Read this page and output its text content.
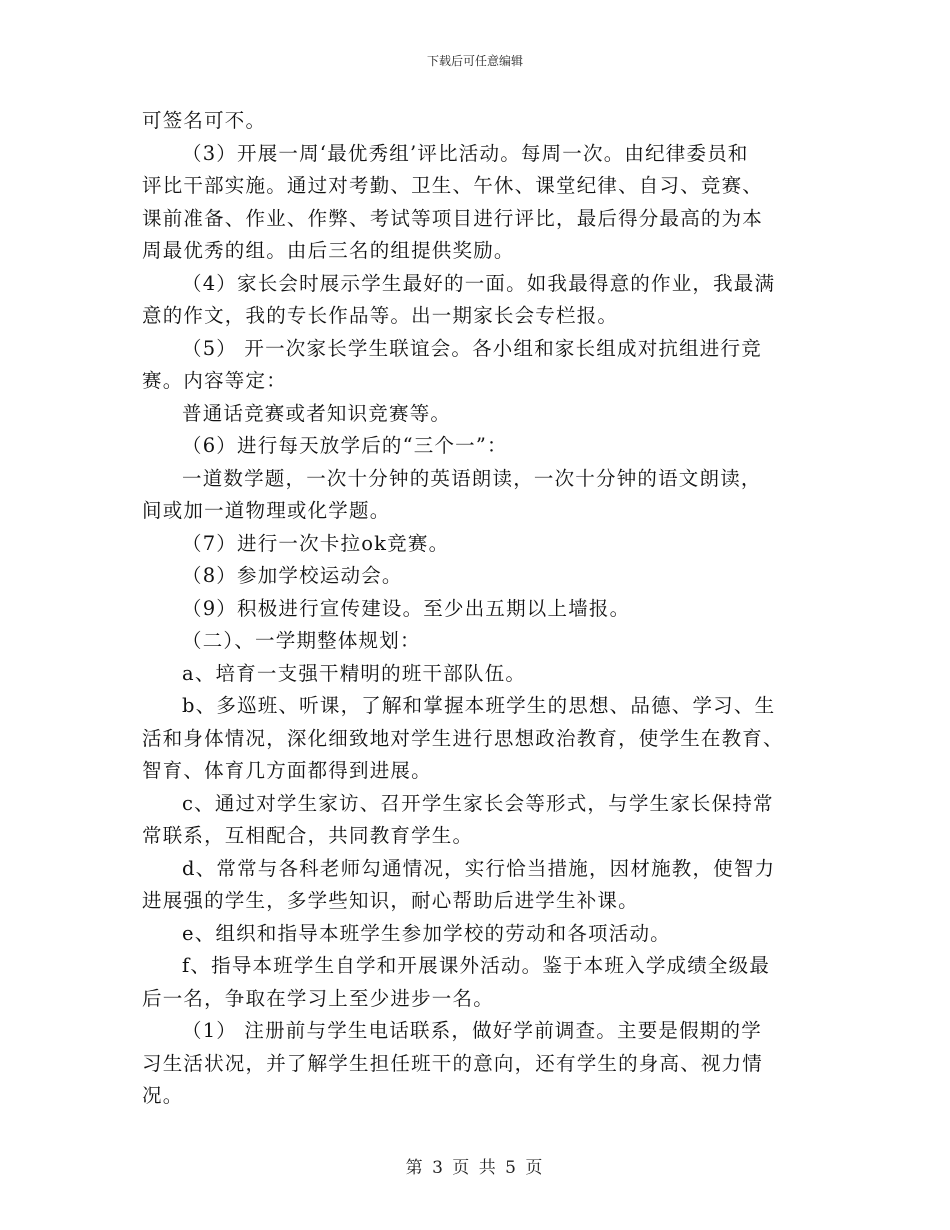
下载后可任意编辑
可签名可不。
（3）开展一周‘最优秀组’评比活动。每周一次。由纪律委员和
评比干部实施。通过对考勤、卫生、午休、课堂纪律、自习、竞赛、
课前准备、作业、作弊、考试等项目进行评比，最后得分最高的为本
周最优秀的组。由后三名的组提供奖励。
（4）家长会时展示学生最好的一面。如我最得意的作业，我最满
意的作文，我的专长作品等。出一期家长会专栏报。
（5） 开一次家长学生联谊会。各小组和家长组成对抗组进行竞
赛。内容等定：
普通话竞赛或者知识竞赛等。
（6）进行每天放学后的“三个一”：
一道数学题，一次十分钟的英语朗读，一次十分钟的语文朗读，
间或加一道物理或化学题。
（7）进行一次卡拉ok竞赛。
（8）参加学校运动会。
（9）积极进行宣传建设。至少出五期以上墙报。
（二）、一学期整体规划：
a、培育一支强干精明的班干部队伍。
b、多巡班、听课，了解和掌握本班学生的思想、品德、学习、生
活和身体情况，深化细致地对学生进行思想政治教育，使学生在教育、
智育、体育几方面都得到进展。
c、通过对学生家访、召开学生家长会等形式，与学生家长保持常
常联系，互相配合，共同教育学生。
d、常常与各科老师勾通情况，实行恰当措施，因材施教，使智力
进展强的学生，多学些知识，耐心帮助后进学生补课。
e、组织和指导本班学生参加学校的劳动和各项活动。
f、指导本班学生自学和开展课外活动。鉴于本班入学成绩全级最
后一名，争取在学习上至少进步一名。
（1） 注册前与学生电话联系，做好学前调查。主要是假期的学
习生活状况，并了解学生担任班干的意向，还有学生的身高、视力情
况。
第 3 页 共 5 页
